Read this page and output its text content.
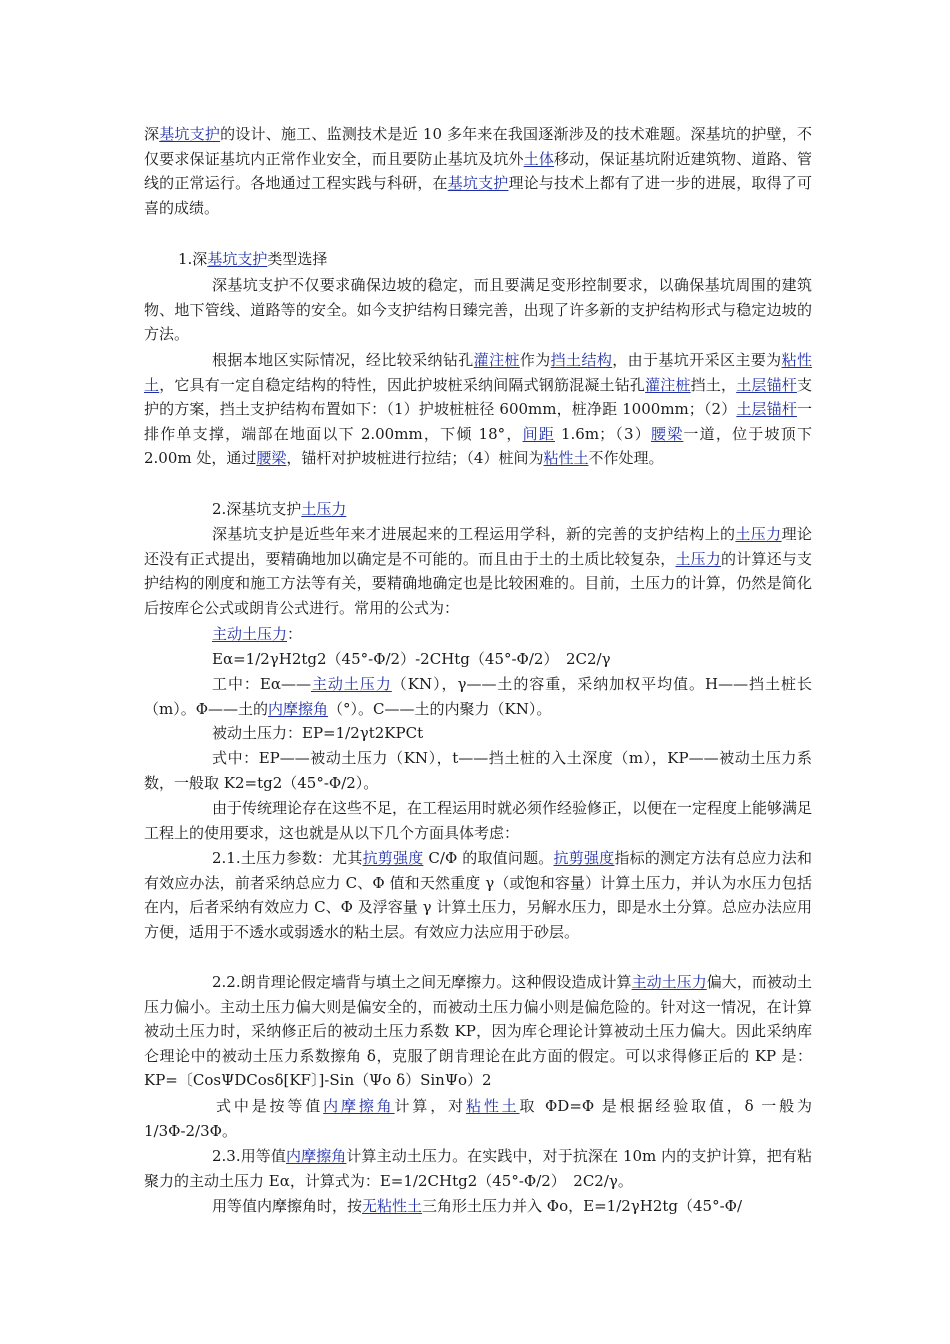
深基坑支护的设计、施工、监测技术是近 10 多年来在我国逐渐涉及的技术难题。深基坑的护壁，不仅要求保证基坑内正常作业安全，而且要防止基坑及坑外土体移动，保证基坑附近建筑物、道路、管线的正常运行。各地通过工程实践与科研，在基坑支护理论与技术上都有了进一步的进展，取得了可喜的成绩。

1.深基坑支护类型选择

深基坑支护不仅要求确保边坡的稳定，而且要满足变形控制要求，以确保基坑周围的建筑物、地下管线、道路等的安全。如今支护结构日臻完善，出现了许多新的支护结构形式与稳定边坡的方法。

根据本地区实际情况，经比较采纳钻孔灌注桩作为挡土结构，由于基坑开采区主要为粘性土，它具有一定自稳定结构的特性，因此护坡桩采纳间隔式钢筋混凝土钻孔灌注桩挡土，土层锚杆支护的方案，挡土支护结构布置如下：（1）护坡桩桩径 600mm，桩净距 1000mm；（2）土层锚杆一排作单支撑，端部在地面以下 2.00mm，下倾 18°，间距 1.6m；（3）腰梁一道，位于坡顶下 2.00m 处，通过腰梁，锚杆对护坡桩进行拉结；（4）桩间为粘性土不作处理。

2.深基坑支护土压力

深基坑支护是近些年来才进展起来的工程运用学科，新的完善的支护结构上的土压力理论还没有正式提出，要精确地加以确定是不可能的。而且由于土的土质比较复杂，土压力的计算还与支护结构的刚度和施工方法等有关，要精确地确定也是比较困难的。目前，土压力的计算，仍然是简化后按库仑公式或朗肯公式进行。常用的公式为：

主动土压力：

Eα=1/2γH2tg2（45°-Φ/2）-2CHtg（45°-Φ/2）　2C2/γ

工中：Eα——主动土压力（KN），γ——土的容重，采纳加权平均值。H——挡土桩长（m）。Φ——土的内摩擦角（°）。C——土的内聚力（KN）。

被动土压力：EP=1/2γt2KPCt

式中：EP——被动土压力（KN），t——挡土桩的入土深度（m），KP——被动土压力系数，一般取 K2=tg2（45°-Φ/2）。

由于传统理论存在这些不足，在工程运用时就必须作经验修正，以便在一定程度上能够满足工程上的使用要求，这也就是从以下几个方面具体考虑：

2.1.土压力参数：尤其抗剪强度 C/Φ 的取值问题。抗剪强度指标的测定方法有总应力法和有效应办法，前者采纳总应力 C、Φ 值和天然重度 γ（或饱和容量）计算土压力，并认为水压力包括在内，后者采纳有效应力 C、Φ 及浮容量 γ 计算土压力，另解水压力，即是水土分算。总应办法应用方便，适用于不透水或弱透水的粘土层。有效应力法应用于砂层。

2.2.朗肯理论假定墙背与填土之间无摩擦力。这种假设造成计算主动土压力偏大，而被动土压力偏小。主动土压力偏大则是偏安全的，而被动土压力偏小则是偏危险的。针对这一情况，在计算被动土压力时，采纳修正后的被动土压力系数 KP，因为库仑理论计算被动土压力偏大。因此采纳库仑理论中的被动土压力系数擦角 δ，克服了朗肯理论在此方面的假定。可以求得修正后的 KP 是：KP=〔CosΨDCosδ[KF〕]-Sin（Ψo δ）SinΨo）2

式中是按等值内摩擦角计算，对粘性土取 ΦD=Φ 是根据经验取值，δ 一般为 1/3Φ-2/3Φ。

2.3.用等值内摩擦角计算主动土压力。在实践中，对于抗深在 10m 内的支护计算，把有粘聚力的主动土压力 Eα，计算式为：E=1/2CHtg2（45°-Φ/2）　2C2/γ。

用等值内摩擦角时，按无粘性土三角形土压力并入 Φo，E=1/2γH2tg（45°-Φ/
